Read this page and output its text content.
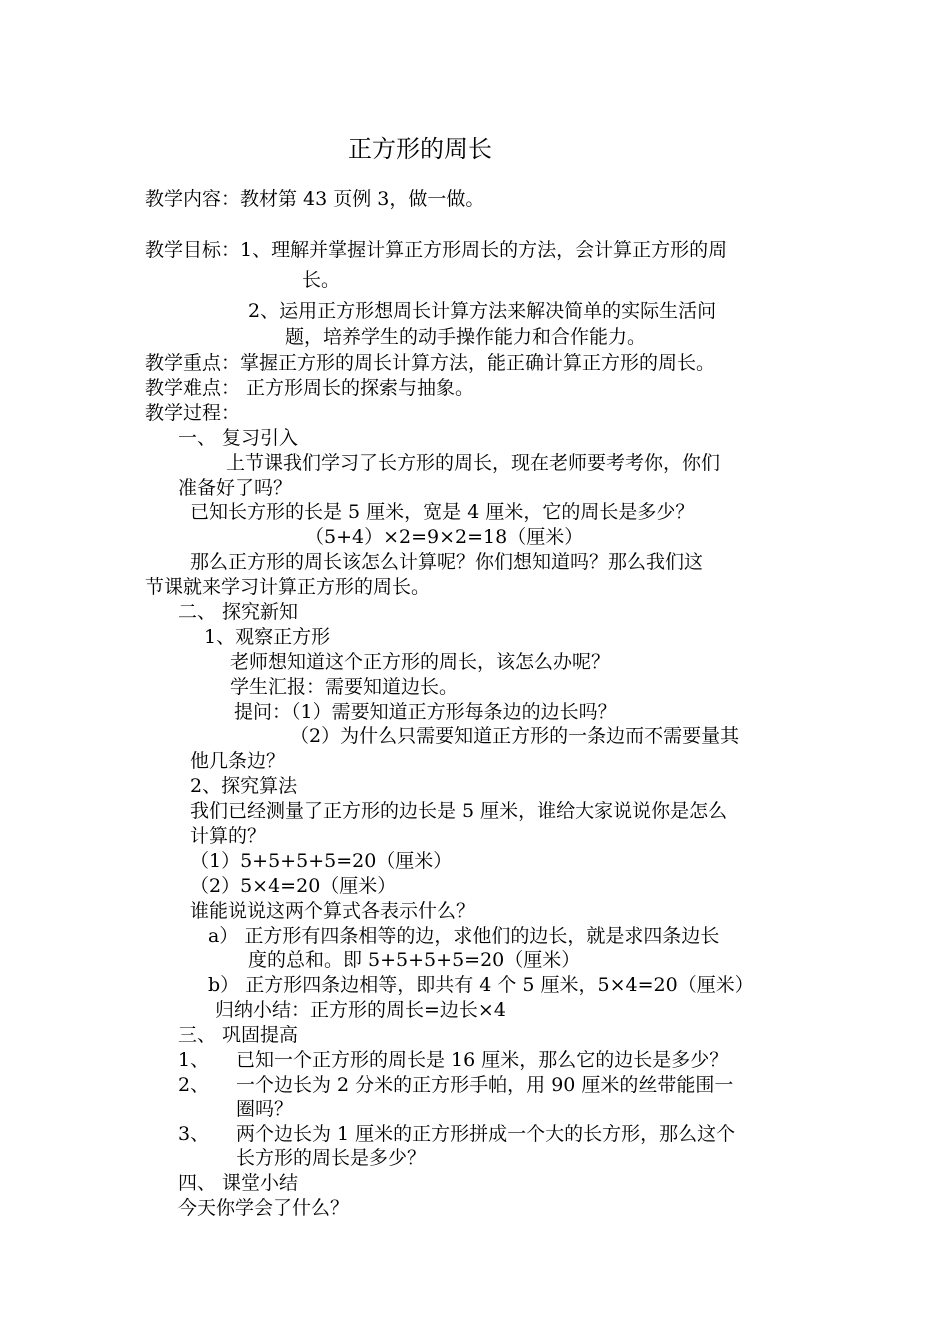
正方形的周长
教学内容：教材第 43 页例 3，做一做。
教学目标：1、理解并掌握计算正方形周长的方法，会计算正方形的周
长。
2、运用正方形想周长计算方法来解决简单的实际生活问
题，培养学生的动手操作能力和合作能力。
教学重点：掌握正方形的周长计算方法，能正确计算正方形的周长。
教学难点： 正方形周长的探索与抽象。
教学过程：
一、 复习引入
上节课我们学习了长方形的周长，现在老师要考考你，你们
准备好了吗？
已知长方形的长是 5 厘米，宽是 4 厘米，它的周长是多少？
（5+4）×2=9×2=18（厘米）
那么正方形的周长该怎么计算呢？你们想知道吗？那么我们这
节课就来学习计算正方形的周长。
二、 探究新知
1、观察正方形
老师想知道这个正方形的周长，该怎么办呢？
学生汇报：需要知道边长。
提问：（1）需要知道正方形每条边的边长吗？
（2）为什么只需要知道正方形的一条边而不需要量其
他几条边？
2、探究算法
我们已经测量了正方形的边长是 5 厘米，谁给大家说说你是怎么
计算的？
（1）5+5+5+5=20（厘米）
（2）5×4=20（厘米）
谁能说说这两个算式各表示什么？
a） 正方形有四条相等的边，求他们的边长，就是求四条边长
度的总和。即 5+5+5+5=20（厘米）
b） 正方形四条边相等，即共有 4 个 5 厘米，5×4=20（厘米）
归纳小结：正方形的周长=边长×4
三、 巩固提高
1、 已知一个正方形的周长是 16 厘米，那么它的边长是多少？
2、 一个边长为 2 分米的正方形手帕，用 90 厘米的丝带能围一
圈吗？
3、 两个边长为 1 厘米的正方形拼成一个大的长方形，那么这个
长方形的周长是多少？
四、 课堂小结
今天你学会了什么？
